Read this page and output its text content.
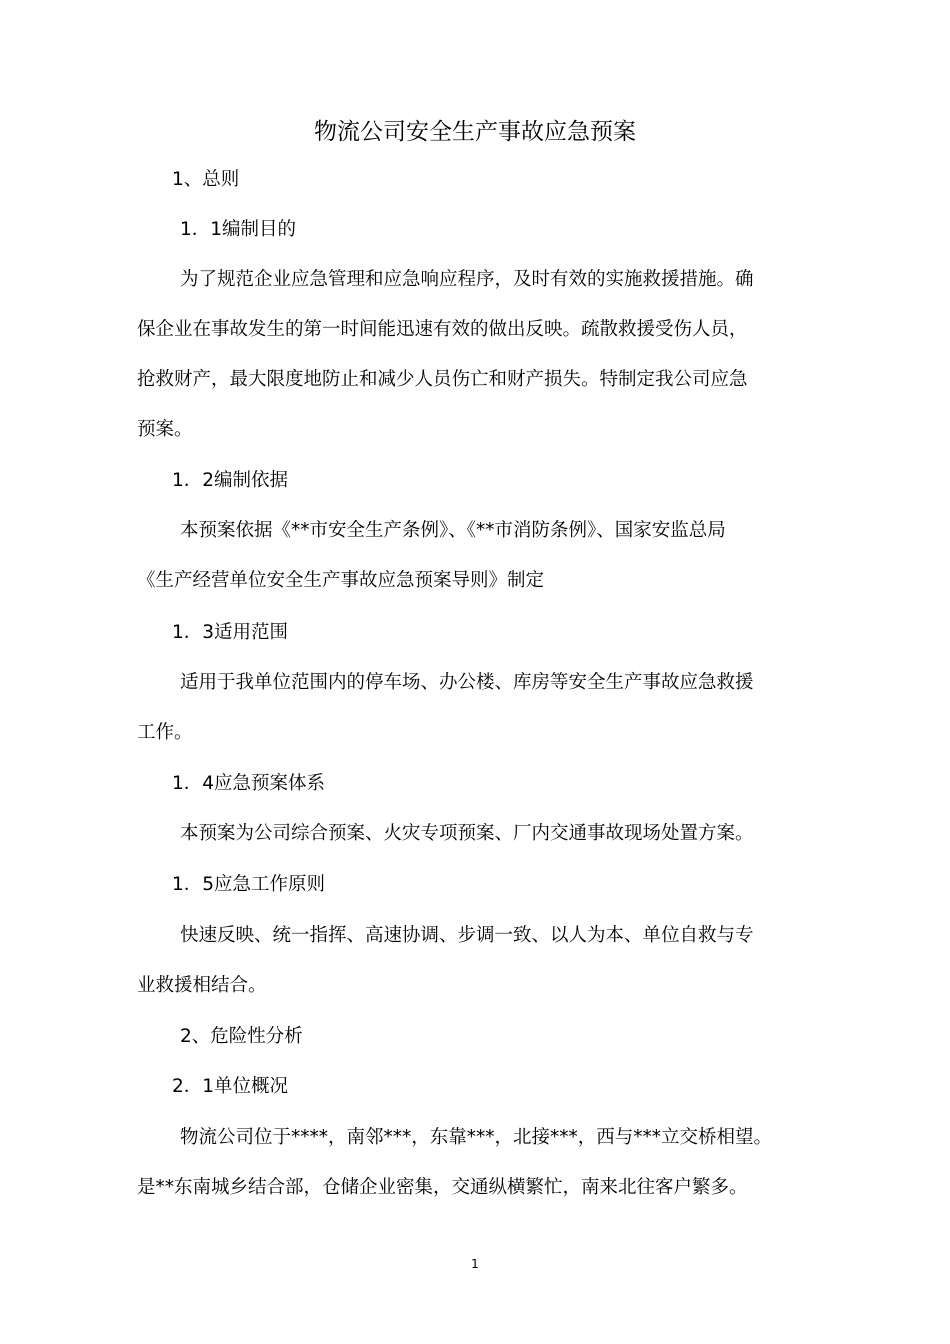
物流公司安全生产事故应急预案
1、总则
1．1编制目的
为了规范企业应急管理和应急响应程序，及时有效的实施救援措施。确
保企业在事故发生的第一时间能迅速有效的做出反映。疏散救援受伤人员，
抢救财产，最大限度地防止和减少人员伤亡和财产损失。特制定我公司应急
预案。
1．2编制依据
本预案依据《**市安全生产条例》、《**市消防条例》、国家安监总局
《生产经营单位安全生产事故应急预案导则》制定
1．3适用范围
适用于我单位范围内的停车场、办公楼、库房等安全生产事故应急救援
工作。
1．4应急预案体系
本预案为公司综合预案、火灾专项预案、厂内交通事故现场处置方案。
1．5应急工作原则
快速反映、统一指挥、高速协调、步调一致、以人为本、单位自救与专
业救援相结合。
2、危险性分析
2．1单位概况
物流公司位于****，南邻***，东靠***，北接***，西与***立交桥相望。
是**东南城乡结合部，仓储企业密集，交通纵横繁忙，南来北往客户繁多。
1
